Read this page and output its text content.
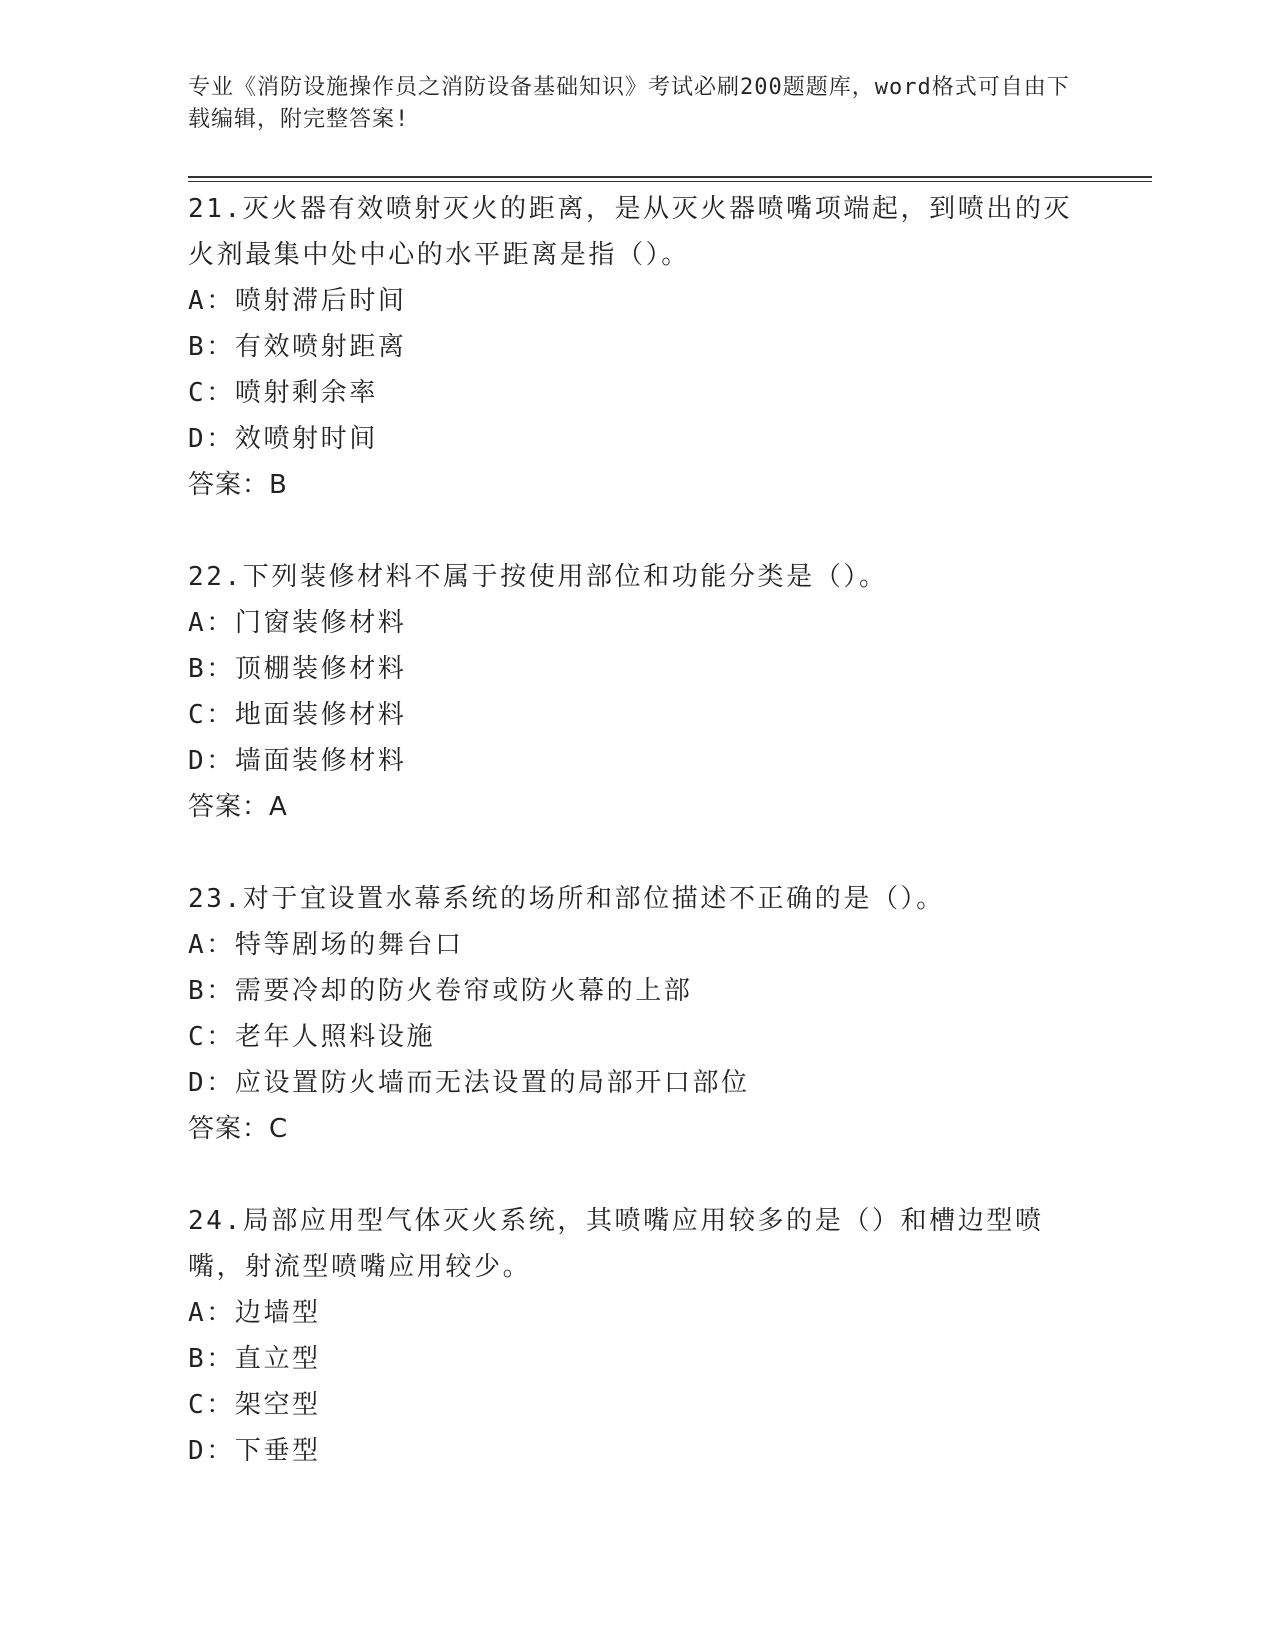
专业《消防设施操作员之消防设备基础知识》考试必刷200题题库，word格式可自由下载编辑，附完整答案!
21.灭火器有效喷射灭火的距离，是从灭火器喷嘴项端起，到喷出的灭火剂最集中处中心的水平距离是指（）。
A：喷射滞后时间
B：有效喷射距离
C：喷射剩余率
D：效喷射时间
答案：B
22.下列装修材料不属于按使用部位和功能分类是（）。
A：门窗装修材料
B：顶棚装修材料
C：地面装修材料
D：墙面装修材料
答案：A
23.对于宜设置水幕系统的场所和部位描述不正确的是（）。
A：特等剧场的舞台口
B：需要冷却的防火卷帘或防火幕的上部
C：老年人照料设施
D：应设置防火墙而无法设置的局部开口部位
答案：C
24.局部应用型气体灭火系统，其喷嘴应用较多的是（）和槽边型喷嘴，射流型喷嘴应用较少。
A：边墙型
B：直立型
C：架空型
D：下垂型
